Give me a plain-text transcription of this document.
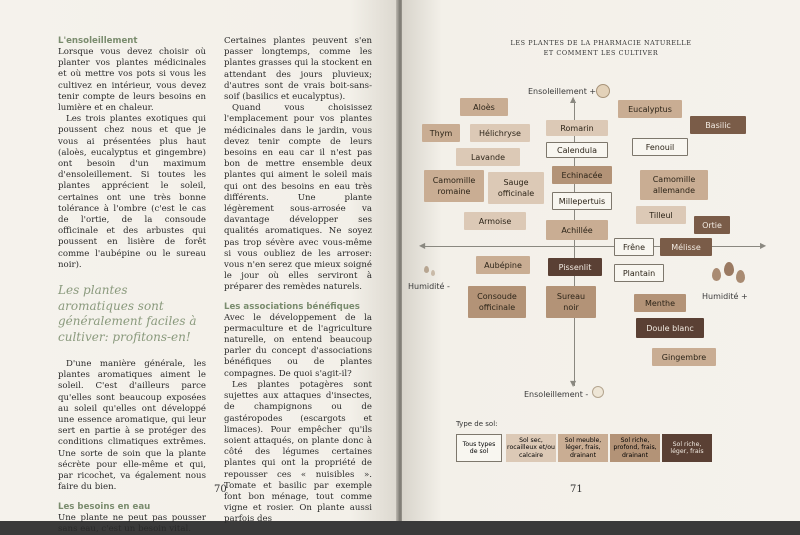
L'ensoleillement

Lorsque vous devez choisir où planter vos plantes médicinales et où mettre vos pots si vous les cultivez en intérieur, vous devez tenir compte de leurs besoins en lumière et en chaleur.

Les trois plantes exotiques qui poussent chez nous et que je vous ai présentées plus haut (aloès, eucalyptus et gingembre) ont besoin d'un maximum d'ensoleillement. Si toutes les plantes apprécient le soleil, certaines ont une très bonne tolérance à l'ombre (c'est le cas de l'ortie, de la consoude officinale et des arbustes qui poussent en lisière de forêt comme l'aubépine ou le sureau noir).

Les plantes aromatiques sont généralement faciles à cultiver: profitons-en!

D'une manière générale, les plantes aromatiques aiment le soleil. C'est d'ailleurs parce qu'elles sont beaucoup exposées au soleil qu'elles ont développé une essence aromatique, qui leur sert en partie à se protéger des conditions climatiques extrêmes. Une sorte de soin que la plante sécrète pour elle-même et qui, par ricochet, va également nous faire du bien.

Les besoins en eau

Une plante ne peut pas pousser sans eau, c'est un besoin vital.

Certaines plantes peuvent s'en passer longtemps, comme les plantes grasses qui la stockent en attendant des jours pluvieux; d'autres sont de vrais boit-sans-soif (basilics et eucalyptus).

Quand vous choisissez l'emplacement pour vos plantes médicinales dans le jardin, vous devez tenir compte de leurs besoins en eau car il n'est pas bon de mettre ensemble deux plantes qui aiment le soleil mais qui ont des besoins en eau très différents. Une plante légèrement sous-arrosée va davantage développer ses qualités aromatiques. Ne soyez pas trop sévère avec vous-même si vous oubliez de les arroser: vous n'en serez que mieux soigné le jour où elles serviront à préparer des remèdes naturels.

Les associations bénéfiques

Avec le développement de la permaculture et de l'agriculture naturelle, on entend beaucoup parler du concept d'associations bénéfiques ou de plantes compagnes. De quoi s'agit-il?

Les plantes potagères sont sujettes aux attaques d'insectes, de champignons ou de gastéropodes (escargots et limaces). Pour empêcher qu'ils soient attaqués, on plante donc à côté des légumes certaines plantes qui ont la propriété de repousser ces « nuisibles ». Tomate et basilic par exemple font bon ménage, tout comme vigne et rosier. On plante aussi parfois des

70
LES PLANTES DE LA PHARMACIE NATURELLE
ET COMMENT LES CULTIVER
▲
▼
◀	▶
Ensoleillement +
Ensoleillement -
Humidité -
Humidité +
Aloès	Eucalyptus
Basilic
Thym	Hélichryse
Romarin
Calendula	Fenouil
Lavande
Camomille romaine
Sauge officinale
Echinacée	Camomille allemande
Millepertuis
Tilleul
Ortie
Armoise
Achillée
Frêne	Mélisse
Aubépine	Pissenlit
Plantain
Consoude officinale
Sureau noir	Menthe
Doule blanc
Gingembre
Type de sol:
Tous types de sol
Sol sec, rocailleux et/ou calcaire
Sol meuble, léger, frais, drainant
Sol riche, profond, frais, drainant
Sol riche, léger, frais
71
